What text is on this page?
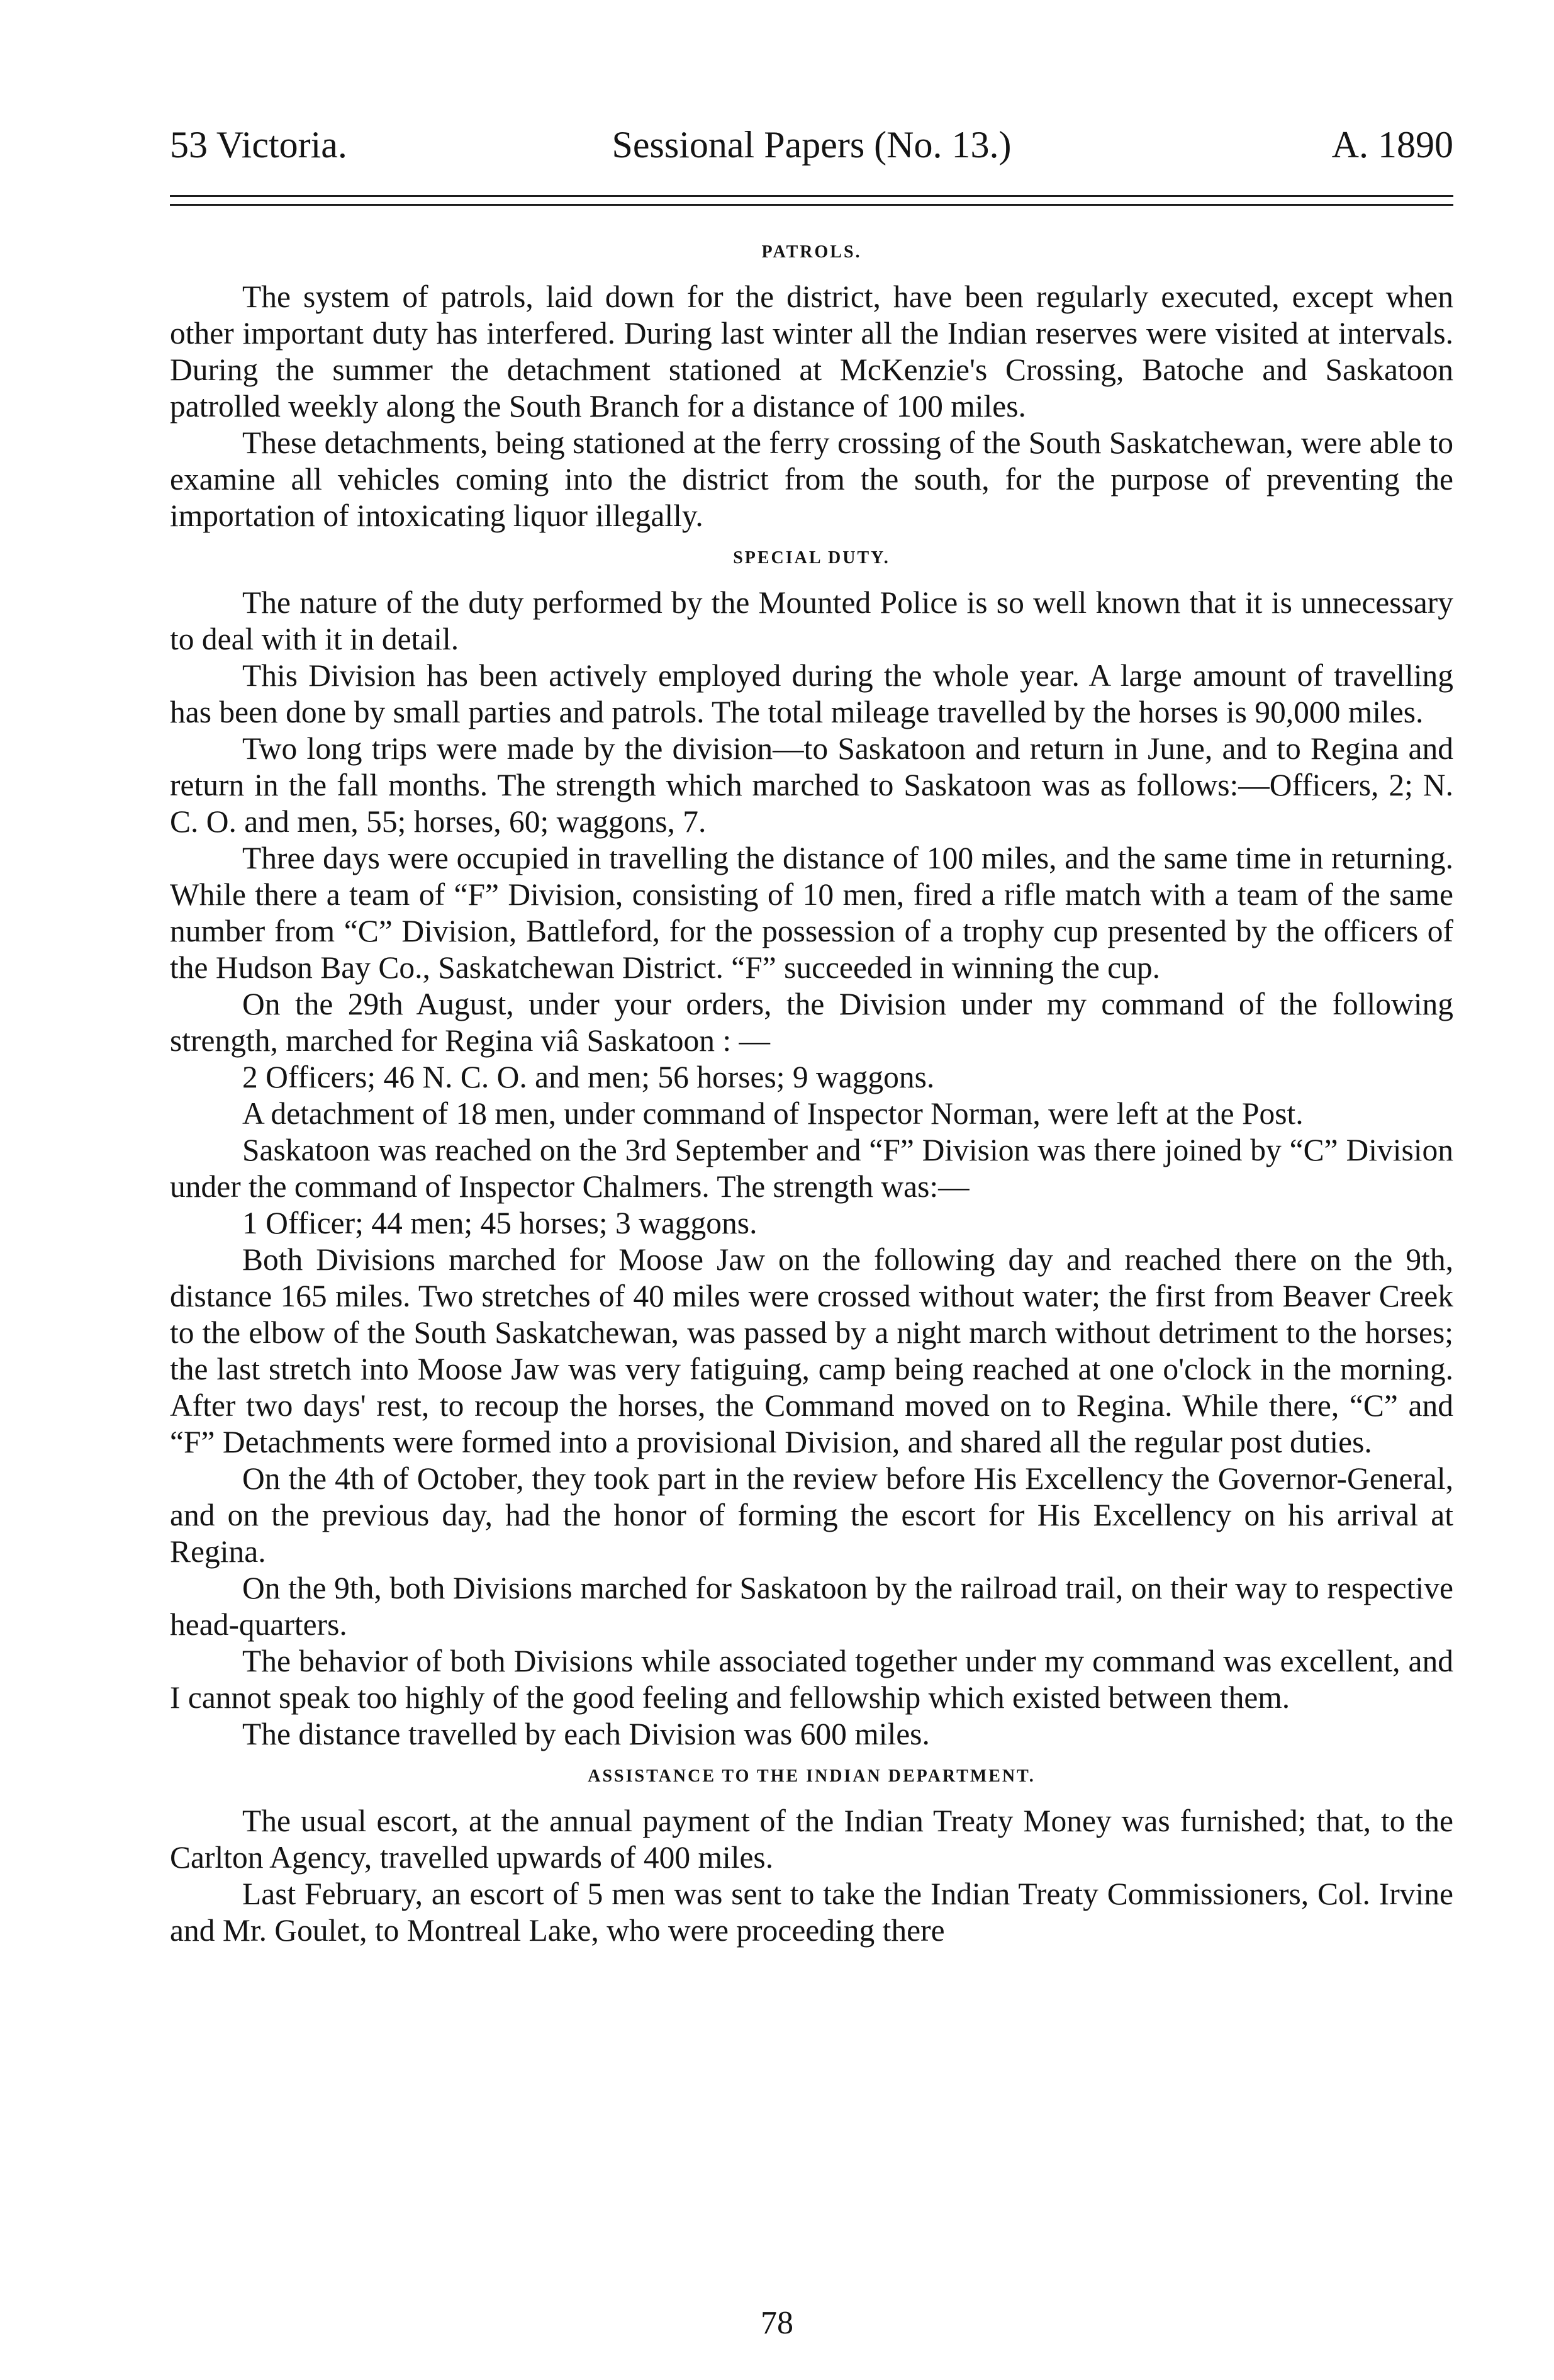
53 Victoria.	Sessional Papers (No. 13.)	A. 1890
PATROLS.

The system of patrols, laid down for the district, have been regularly executed, except when other important duty has interfered. During last winter all the Indian reserves were visited at intervals. During the summer the detachment stationed at McKenzie's Crossing, Batoche and Saskatoon patrolled weekly along the South Branch for a distance of 100 miles.

These detachments, being stationed at the ferry crossing of the South Saskatchewan, were able to examine all vehicles coming into the district from the south, for the purpose of preventing the importation of intoxicating liquor illegally.

SPECIAL DUTY.

The nature of the duty performed by the Mounted Police is so well known that it is unnecessary to deal with it in detail.

This Division has been actively employed during the whole year. A large amount of travelling has been done by small parties and patrols. The total mileage travelled by the horses is 90,000 miles.

Two long trips were made by the division—to Saskatoon and return in June, and to Regina and return in the fall months. The strength which marched to Saskatoon was as follows:—Officers, 2; N. C. O. and men, 55; horses, 60; waggons, 7.

Three days were occupied in travelling the distance of 100 miles, and the same time in returning. While there a team of “F” Division, consisting of 10 men, fired a rifle match with a team of the same number from “C” Division, Battleford, for the possession of a trophy cup presented by the officers of the Hudson Bay Co., Saskatchewan District. “F” succeeded in winning the cup.

On the 29th August, under your orders, the Division under my command of the following strength, marched for Regina viâ Saskatoon : —

2 Officers; 46 N. C. O. and men; 56 horses; 9 waggons.

A detachment of 18 men, under command of Inspector Norman, were left at the Post.

Saskatoon was reached on the 3rd September and “F” Division was there joined by “C” Division under the command of Inspector Chalmers. The strength was:—

1 Officer; 44 men; 45 horses; 3 waggons.

Both Divisions marched for Moose Jaw on the following day and reached there on the 9th, distance 165 miles. Two stretches of 40 miles were crossed without water; the first from Beaver Creek to the elbow of the South Saskatchewan, was passed by a night march without detriment to the horses; the last stretch into Moose Jaw was very fatiguing, camp being reached at one o'clock in the morning. After two days' rest, to recoup the horses, the Command moved on to Regina. While there, “C” and “F” Detachments were formed into a provisional Division, and shared all the regular post duties.

On the 4th of October, they took part in the review before His Excellency the Governor-General, and on the previous day, had the honor of forming the escort for His Excellency on his arrival at Regina.

On the 9th, both Divisions marched for Saskatoon by the railroad trail, on their way to respective head-quarters.

The behavior of both Divisions while associated together under my command was excellent, and I cannot speak too highly of the good feeling and fellowship which existed between them.

The distance travelled by each Division was 600 miles.

ASSISTANCE TO THE INDIAN DEPARTMENT.

The usual escort, at the annual payment of the Indian Treaty Money was furnished; that, to the Carlton Agency, travelled upwards of 400 miles.

Last February, an escort of 5 men was sent to take the Indian Treaty Commissioners, Col. Irvine and Mr. Goulet, to Montreal Lake, who were proceeding there

78
